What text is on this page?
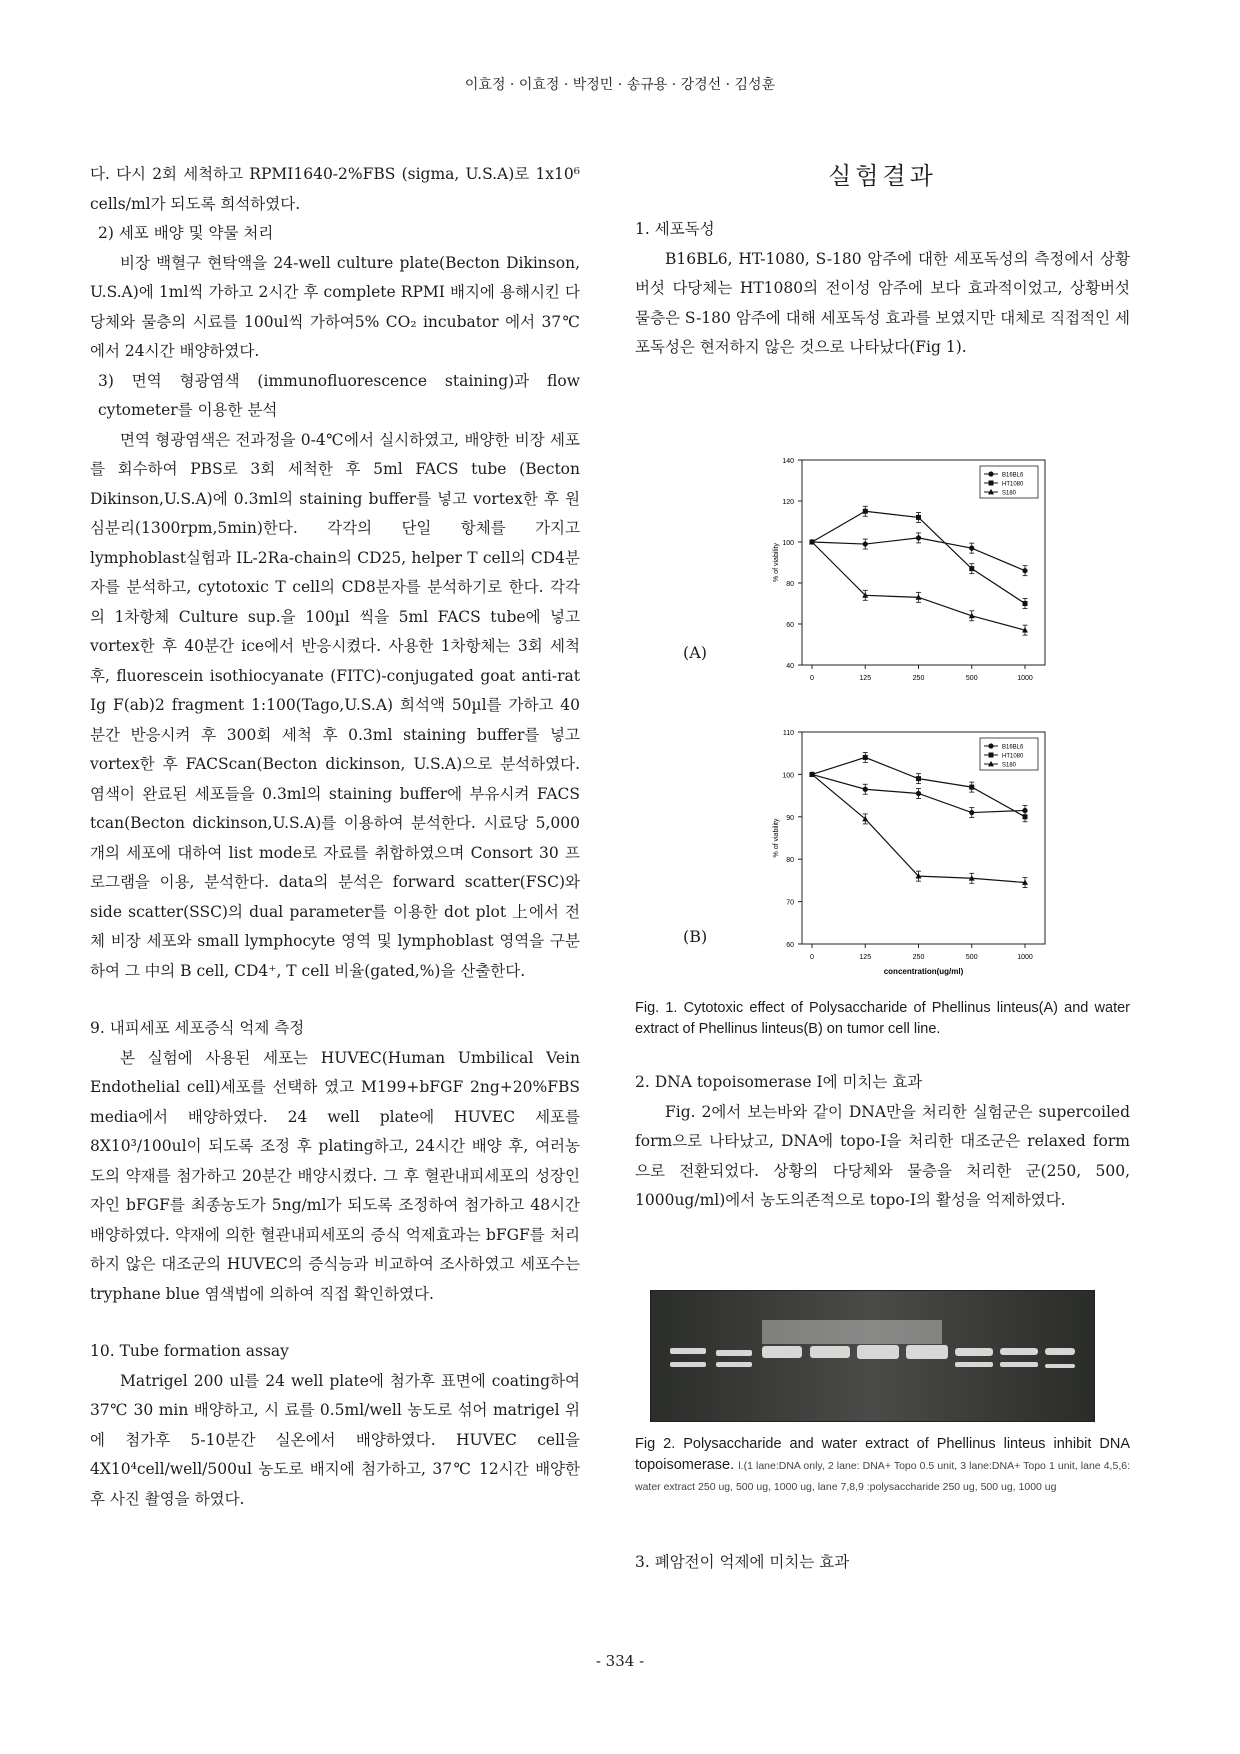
이효정 · 이효정 · 박정민 · 송규용 · 강경선 · 김성훈

다. 다시 2회 세척하고 RPMI1640-2%FBS (sigma, U.S.A)로 1x10⁶ cells/ml가 되도록 희석하였다.

2) 세포 배양 및 약물 처리

비장 백혈구 현탁액을 24-well culture plate(Becton Dikinson, U.S.A)에 1ml씩 가하고 2시간 후 complete RPMI 배지에 용해시킨 다당체와 물층의 시료를 100ul씩 가하여5% CO₂ incubator 에서 37℃ 에서 24시간 배양하였다.

3) 면역 형광염색 (immunofluorescence staining)과 flow cytometer를 이용한 분석

면역 형광염색은 전과정을 0-4℃에서 실시하였고, 배양한 비장 세포를 회수하여 PBS로 3회 세척한 후 5ml FACS tube (Becton Dikinson,U.S.A)에 0.3ml의 staining buffer를 넣고 vortex한 후 원심분리(1300rpm,5min)한다. 각각의 단일 항체를 가지고 lymphoblast실험과 IL-2Ra-chain의 CD25, helper T cell의 CD4분자를 분석하고, cytotoxic T cell의 CD8분자를 분석하기로 한다. 각각의 1차항체 Culture sup.을 100µl 씩을 5ml FACS tube에 넣고 vortex한 후 40분간 ice에서 반응시켰다. 사용한 1차항체는 3회 세척 후, fluorescein isothiocyanate (FITC)-conjugated goat anti-rat Ig F(ab)2 fragment 1:100(Tago,U.S.A) 희석액 50µl를 가하고 40분간 반응시켜 후 300회 세척 후 0.3ml staining buffer를 넣고 vortex한 후 FACScan(Becton dickinson, U.S.A)으로 분석하였다. 염색이 완료된 세포들을 0.3ml의 staining buffer에 부유시켜 FACS tcan(Becton dickinson,U.S.A)를 이용하여 분석한다. 시료당 5,000개의 세포에 대하여 list mode로 자료를 취합하였으며 Consort 30 프로그램을 이용, 분석한다. data의 분석은 forward scatter(FSC)와 side scatter(SSC)의 dual parameter를 이용한 dot plot 上에서 전체 비장 세포와 small lymphocyte 영역 및 lymphoblast 영역을 구분하여 그 中의 B cell, CD4⁺, T cell 비율(gated,%)을 산출한다.

9. 내피세포 세포증식 억제 측정

본 실험에 사용된 세포는 HUVEC(Human Umbilical Vein Endothelial cell)세포를 선택하 였고 M199+bFGF 2ng+20%FBS media에서 배양하였다. 24 well plate에 HUVEC 세포를 8X10³/100ul이 되도록 조정 후 plating하고, 24시간 배양 후, 여러농도의 약재를 첨가하고 20분간 배양시켰다. 그 후 혈관내피세포의 성장인자인 bFGF를 최종농도가 5ng/ml가 되도록 조정하여 첨가하고 48시간 배양하였다. 약재에 의한 혈관내피세포의 증식 억제효과는 bFGF를 처리하지 않은 대조군의 HUVEC의 증식능과 비교하여 조사하였고 세포수는 tryphane blue 염색법에 의하여 직접 확인하였다.

10. Tube formation assay

Matrigel 200 ul를 24 well plate에 첨가후 표면에 coating하여 37℃ 30 min 배양하고, 시 료를 0.5ml/well 농도로 섞어 matrigel 위에 첨가후 5-10분간 실온에서 배양하였다. HUVEC cell을 4X10⁴cell/well/500ul 농도로 배지에 첨가하고, 37℃ 12시간 배양한 후 사진 촬영을 하였다.

실험결과
1. 세포독성

B16BL6, HT-1080, S-180 암주에 대한 세포독성의 측정에서 상황버섯 다당체는 HT1080의 전이성 암주에 보다 효과적이었고, 상황버섯 물층은 S-180 암주에 대해 세포독성 효과를 보였지만 대체로 직접적인 세포독성은 현저하지 않은 것으로 나타났다(Fig 1).

(A)
(B)
40
60
80
100
120
140
0	125	250	500	1000
% of viability
B16BL6
HT1080
S180
60
70
80
90
100
110
0	125	250	500	1000
% of viability
concentration(ug/ml)
B16BL6
HT1080
S180

Fig. 1. Cytotoxic effect of Polysaccharide of Phellinus linteus(A) and water extract of Phellinus linteus(B) on tumor cell line.

2. DNA topoisomerase I에 미치는 효과

Fig. 2에서 보는바와 같이 DNA만을 처리한 실험군은 supercoiled form으로 나타났고, DNA에 topo-I을 처리한 대조군은 relaxed form으로 전환되었다. 상황의 다당체와 물층을 처리한 군(250, 500, 1000ug/ml)에서 농도의존적으로 topo-I의 활성을 억제하였다.

Fig 2. Polysaccharide and water extract of Phellinus linteus inhibit DNA topoisomerase. l.(1 lane:DNA only, 2 lane: DNA+ Topo 0.5 unit, 3 lane:DNA+ Topo 1 unit, lane 4,5,6: water extract 250 ug, 500 ug, 1000 ug, lane 7,8,9 :polysaccharide 250 ug, 500 ug, 1000 ug

3. 폐암전이 억제에 미치는 효과
- 334 -
